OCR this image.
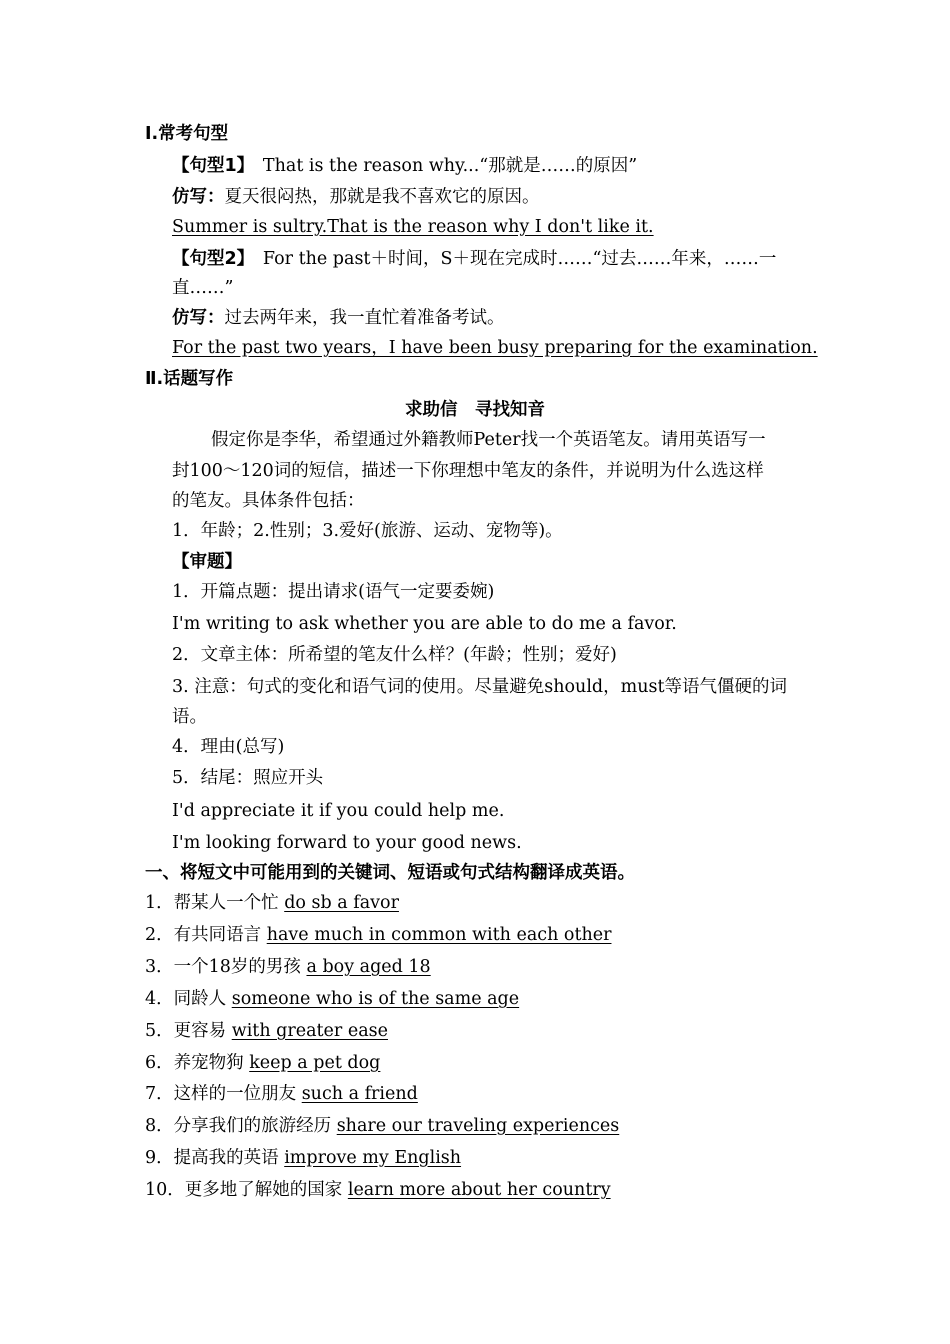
Ⅰ.常考句型
【句型1】　That is the reason why...“那就是……的原因”
仿写：夏天很闷热，那就是我不喜欢它的原因。
Summer is sultry.That is the reason why I don't like it.
【句型2】　For the past＋时间，S＋现在完成时……“过去……年来，……一
直……”
仿写：过去两年来，我一直忙着准备考试。
For the past two years，I have been busy preparing for the examination.
Ⅱ.话题写作
求助信　寻找知音
假定你是李华，希望通过外籍教师Peter找一个英语笔友。请用英语写一
封100～120词的短信，描述一下你理想中笔友的条件，并说明为什么选这样
的笔友。具体条件包括：
1．年龄；2.性别；3.爱好(旅游、运动、宠物等)。
【审题】
1．开篇点题：提出请求(语气一定要委婉)
I'm writing to ask whether you are able to do me a favor.
2．文章主体：所希望的笔友什么样？(年龄；性别；爱好)
3. 注意：句式的变化和语气词的使用。尽量避免should，must等语气僵硬的词
语。
4．理由(总写)
5．结尾：照应开头
I'd appreciate it if you could help me.
I'm looking forward to your good news.
一、将短文中可能用到的关键词、短语或句式结构翻译成英语。
1．帮某人一个忙 do sb a favor
2．有共同语言 have much in common with each other
3．一个18岁的男孩 a boy aged 18
4．同龄人 someone who is of the same age
5．更容易 with greater ease
6．养宠物狗 keep a pet dog
7．这样的一位朋友 such a friend
8．分享我们的旅游经历 share our traveling experiences
9．提高我的英语 improve my English
10．更多地了解她的国家 learn more about her country
